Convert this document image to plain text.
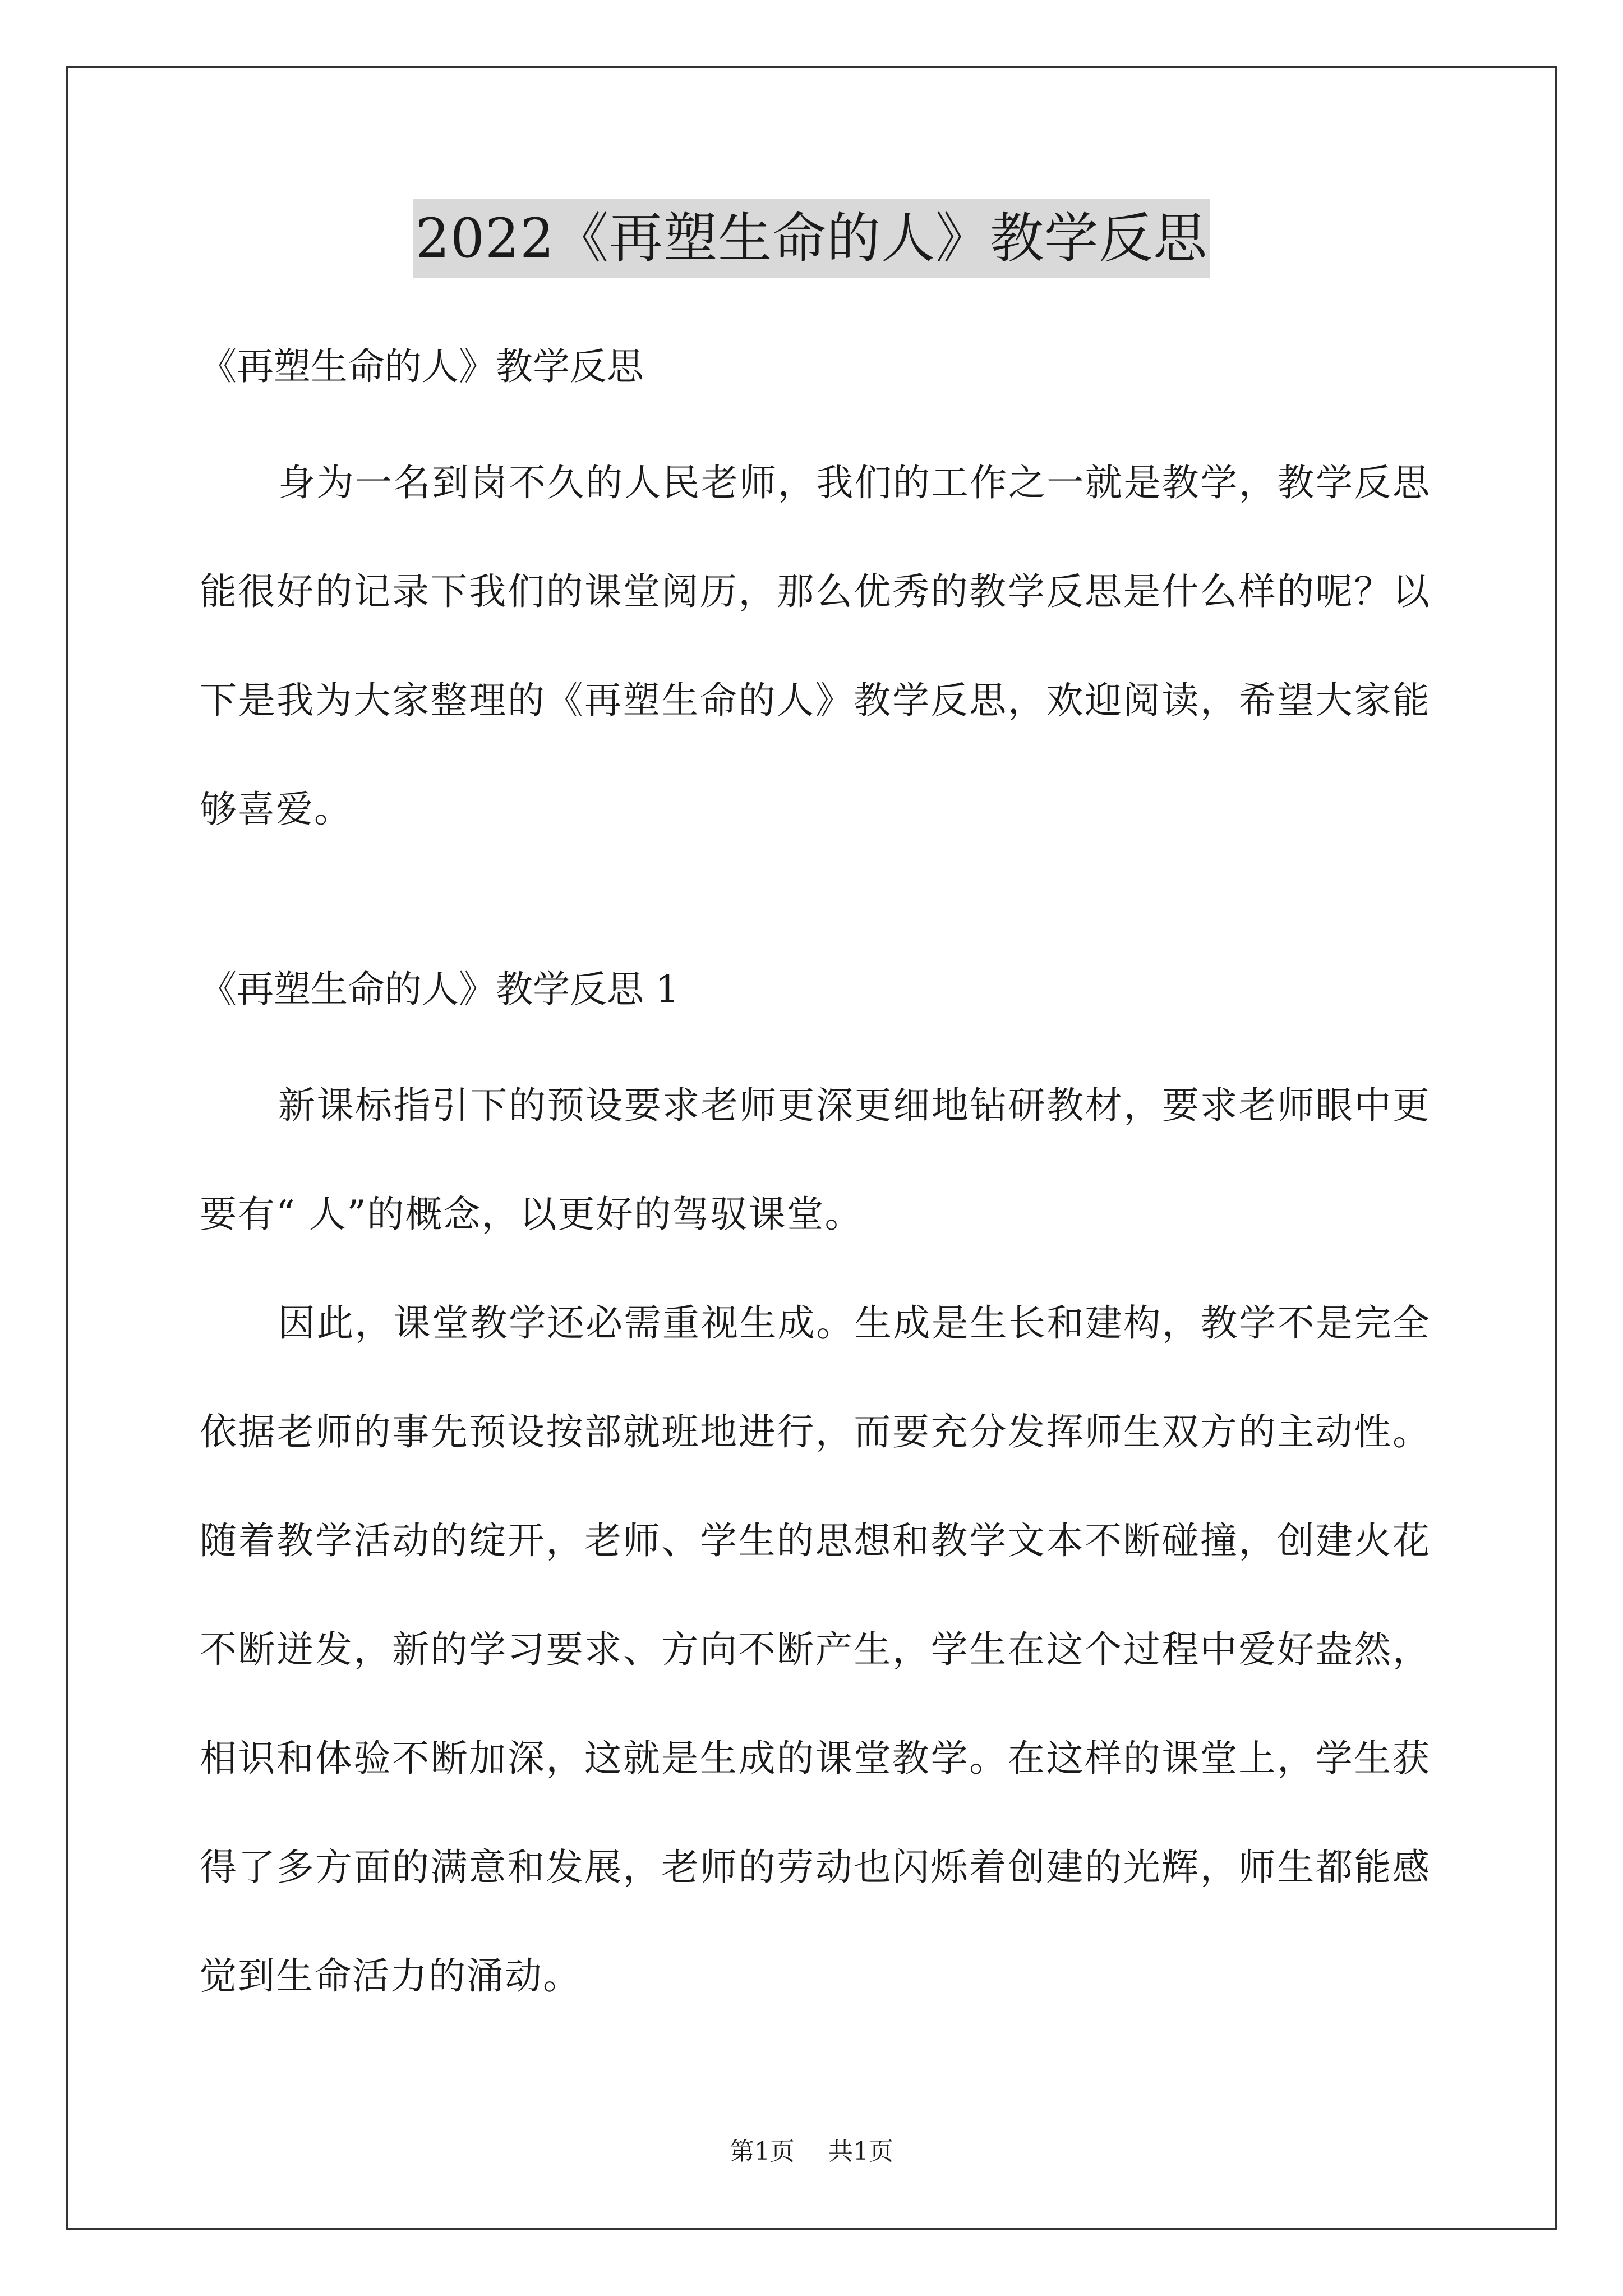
2022《再塑生命的人》教学反思

《再塑生命的人》教学反思

身为一名到岗不久的人民老师，我们的工作之一就是教学，教学反思能很好的记录下我们的课堂阅历，那么优秀的教学反思是什么样的呢？以下是我为大家整理的《再塑生命的人》教学反思，欢迎阅读，希望大家能够喜爱。

《再塑生命的人》教学反思 1

新课标指引下的预设要求老师更深更细地钻研教材，要求老师眼中更要有“ 人”的概念，以更好的驾驭课堂。

因此，课堂教学还必需重视生成。生成是生长和建构，教学不是完全依据老师的事先预设按部就班地进行，而要充分发挥师生双方的主动性。随着教学活动的绽开，老师、学生的思想和教学文本不断碰撞，创建火花不断迸发，新的学习要求、方向不断产生，学生在这个过程中爱好盎然，相识和体验不断加深，这就是生成的课堂教学。在这样的课堂上，学生获得了多方面的满意和发展，老师的劳动也闪烁着创建的光辉，师生都能感觉到生命活力的涌动。

第1页 共1页
